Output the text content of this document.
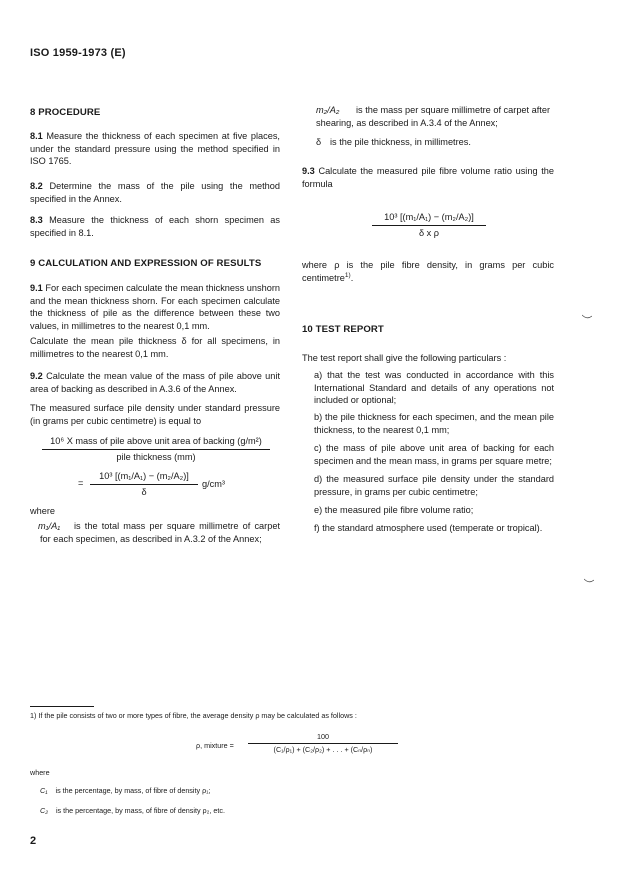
ISO 1959-1973 (E)
8 PROCEDURE

8.1 Measure the thickness of each specimen at five places, under the standard pressure using the method specified in ISO 1765.

8.2 Determine the mass of the pile using the method specified in the Annex.

8.3 Measure the thickness of each shorn specimen as specified in 8.1.

9 CALCULATION AND EXPRESSION OF RESULTS

9.1 For each specimen calculate the mean thickness unshorn and the mean thickness shorn. For each specimen calculate the thickness of pile as the difference between these two values, in millimetres to the nearest 0,1 mm.

Calculate the mean pile thickness δ for all specimens, in millimetres to the nearest 0,1 mm.

9.2 Calculate the mean value of the mass of pile above unit area of backing as described in A.3.6 of the Annex.

The measured surface pile density under standard pressure (in grams per cubic centimetre) is equal to

10⁶ X mass of pile above unit area of backing (g/m²)
pile thickness (mm)
= $\frac{\text{10³ [(m₁/A₁) − (m₂/A₂)]}}{\delta} g/cm^3$

where

m₁/A₁	is the total mass per square millimetre of carpet for each specimen, as described in A.3.2 of the Annex;

m₂/A₂	is the mass per square millimetre of carpet after shearing, as described in A.3.4 of the Annex;

δ is the pile thickness, in millimetres.

9.3 Calculate the measured pile fibre volume ratio using the formula

$\frac{\text{10³ [(m₁/A₁) − (m₂/A₂)]}}{\text{δ x ρ}}$

where ρ is the pile fibre density, in grams per cubic centimetre$^{1)}$.

10 TEST REPORT

The test report shall give the following particulars :

a) that the test was conducted in accordance with this International Standard and details of any operations not included or optional;

b) the pile thickness for each specimen, and the mean pile thickness, to the nearest 0,1 mm;

c) the mass of pile above unit area of backing for each specimen and the mean mass, in grams per square metre;

d) the measured surface pile density under the standard pressure, in grams per cubic centimetre;

e) the measured pile fibre volume ratio;

f) the standard atmosphere used (temperate or tropical).

1) If the pile consists of two or more types of fibre, the average density ρ may be calculated as follows :

ρ, mixture = $\frac{100}{\text{(C₁/ρ₁) + (C₂/ρ₂) + . . . + (Cₙ/ρₙ)}}$

where

C₁ is the percentage, by mass, of fibre of density ρ₁;
C₂ is the percentage, by mass, of fibre of density ρ₂, etc.
2
